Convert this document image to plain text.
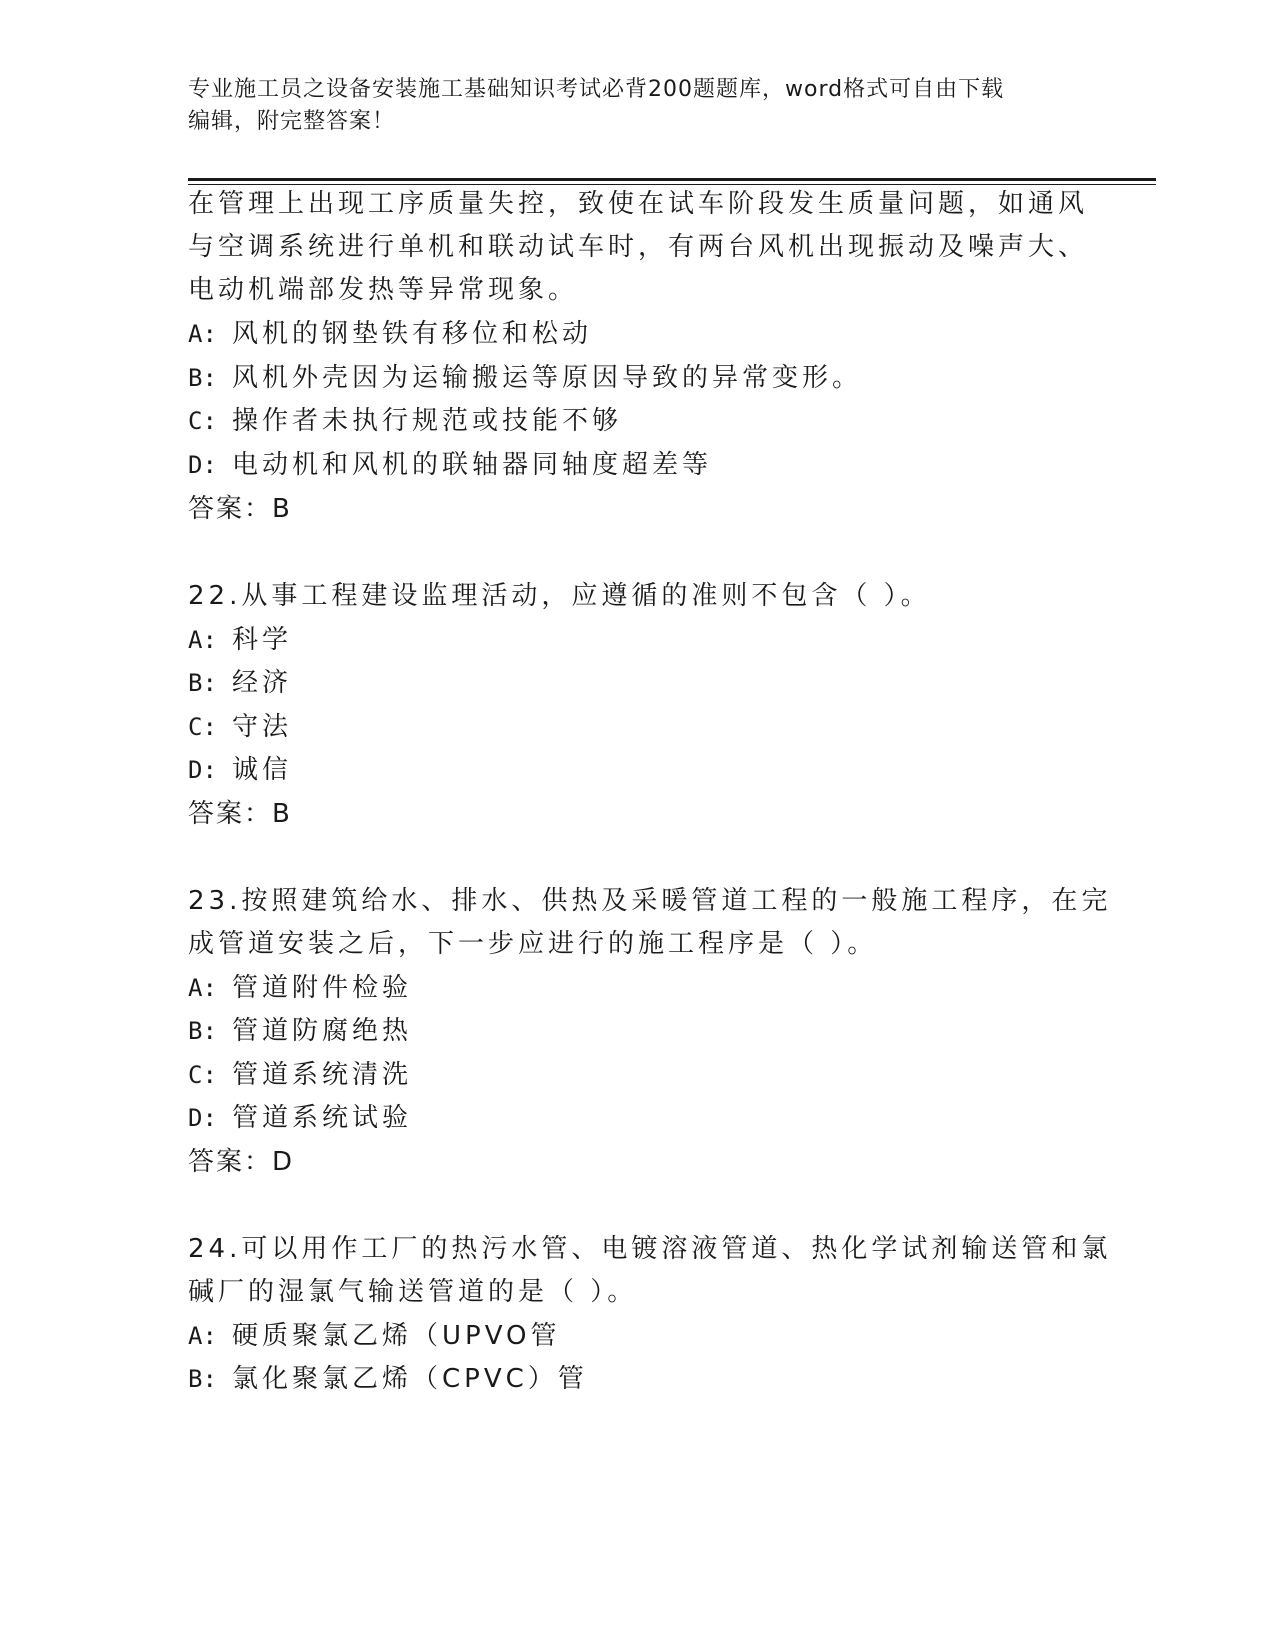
专业施工员之设备安装施工基础知识考试必背200题题库，word格式可自由下载
编辑，附完整答案！
在管理上出现工序质量失控，致使在试车阶段发生质量问题，如通风
与空调系统进行单机和联动试车时，有两台风机出现振动及噪声大、
电动机端部发热等异常现象。
A: 风机的钢垫铁有移位和松动
B: 风机外壳因为运输搬运等原因导致的异常变形。
C: 操作者未执行规范或技能不够
D: 电动机和风机的联轴器同轴度超差等
答案：B
22.从事工程建设监理活动，应遵循的准则不包含（ ）。
A: 科学
B: 经济
C: 守法
D: 诚信
答案：B
23.按照建筑给水、排水、供热及采暖管道工程的一般施工程序，在完
成管道安装之后，下一步应进行的施工程序是（ ）。
A: 管道附件检验
B: 管道防腐绝热
C: 管道系统清洗
D: 管道系统试验
答案：D
24.可以用作工厂的热污水管、电镀溶液管道、热化学试剂输送管和氯
碱厂的湿氯气输送管道的是（ ）。
A: 硬质聚氯乙烯（UPVO管
B: 氯化聚氯乙烯（CPVC）管
